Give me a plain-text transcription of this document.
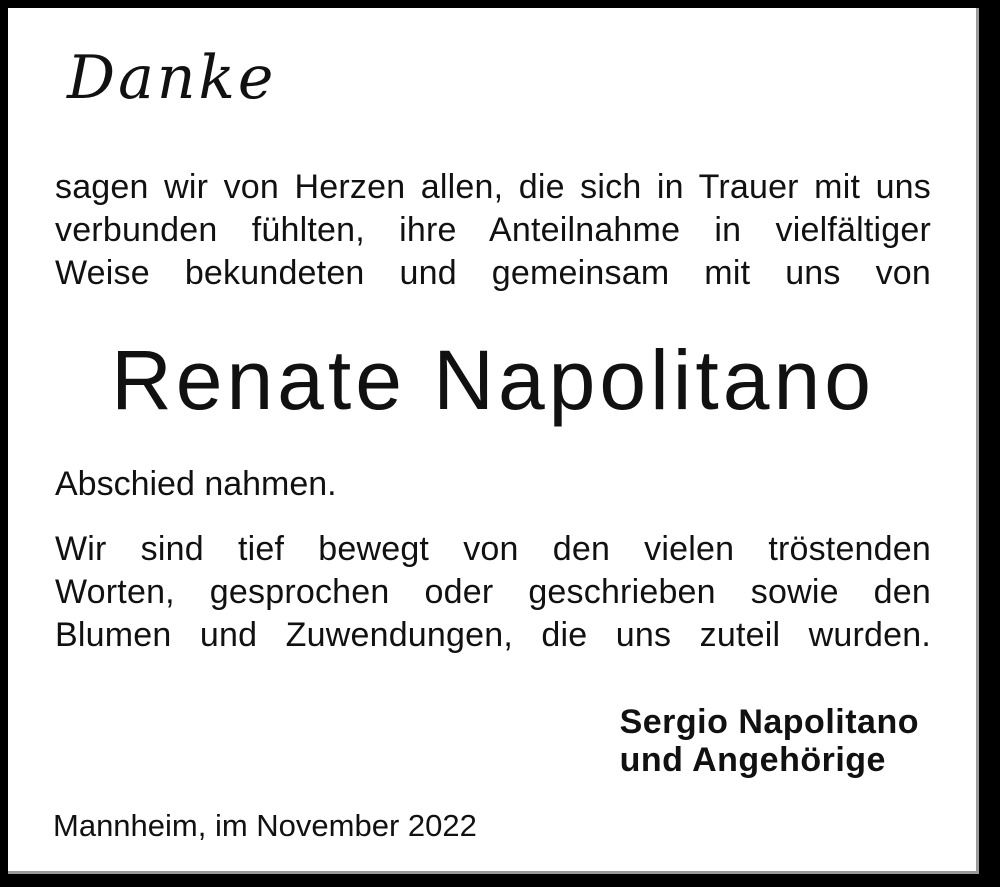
Danke
sagen wir von Herzen allen, die sich in Trauer mit uns
verbunden fühlten, ihre Anteilnahme in vielfältiger
Weise bekundeten und gemeinsam mit uns von
Renate Napolitano
Abschied nahmen.
Wir sind tief bewegt von den vielen tröstenden
Worten, gesprochen oder geschrieben sowie den
Blumen und Zuwendungen, die uns zuteil wurden.
Sergio Napolitano
und Angehörige
Mannheim, im November 2022
